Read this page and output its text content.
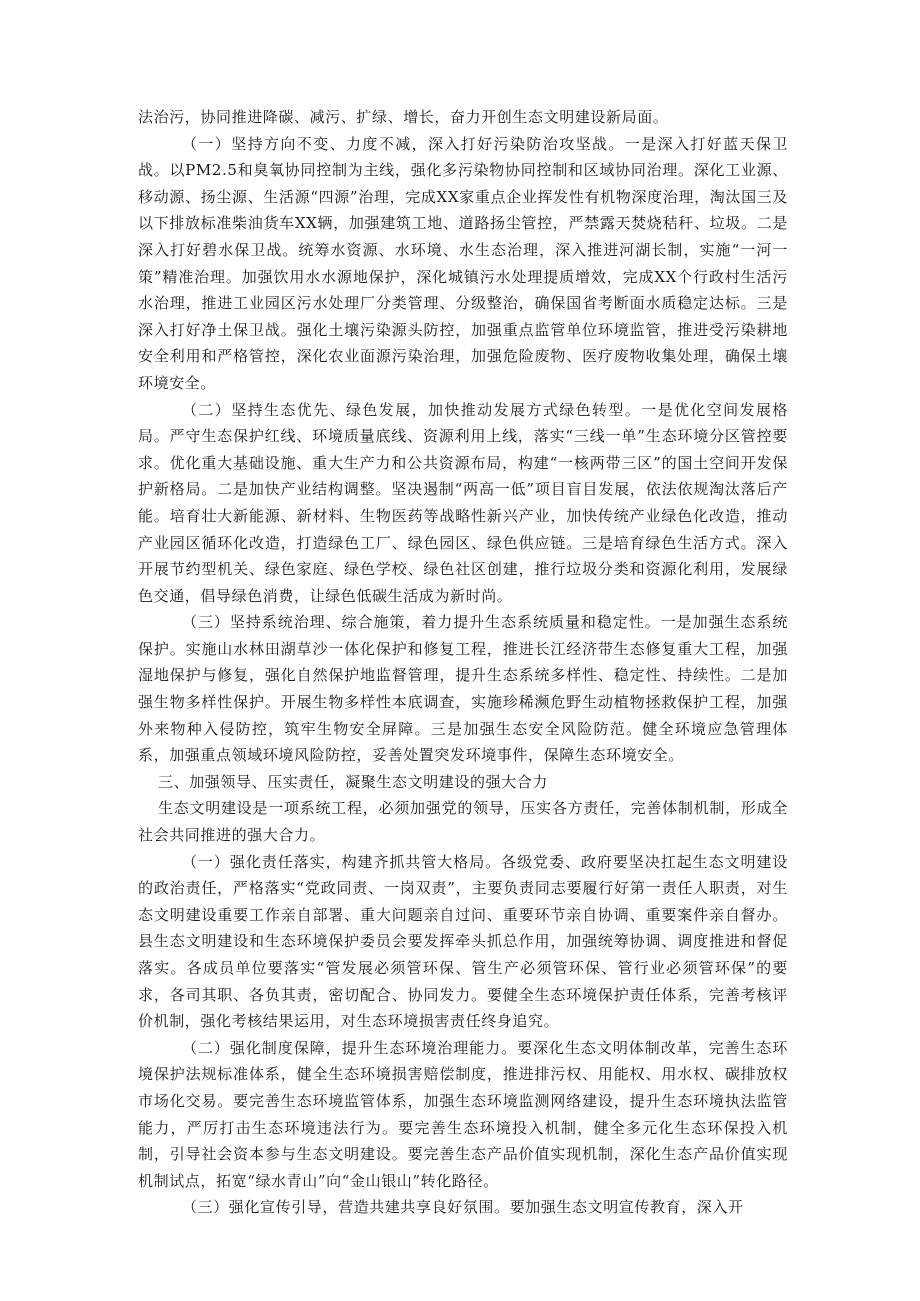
法治污，协同推进降碳、减污、扩绿、增长，奋力开创生态文明建设新局面。

（一）坚持方向不变、力度不减，深入打好污染防治攻坚战。一是深入打好蓝天保卫战。以PM2.5和臭氧协同控制为主线，强化多污染物协同控制和区域协同治理。深化工业源、移动源、扬尘源、生活源“四源”治理，完成XX家重点企业挥发性有机物深度治理，淘汰国三及以下排放标准柴油货车XX辆，加强建筑工地、道路扬尘管控，严禁露天焚烧秸秆、垃圾。二是深入打好碧水保卫战。统筹水资源、水环境、水生态治理，深入推进河湖长制，实施“一河一策”精准治理。加强饮用水水源地保护，深化城镇污水处理提质增效，完成XX个行政村生活污水治理，推进工业园区污水处理厂分类管理、分级整治，确保国省考断面水质稳定达标。三是深入打好净土保卫战。强化土壤污染源头防控，加强重点监管单位环境监管，推进受污染耕地安全利用和严格管控，深化农业面源污染治理，加强危险废物、医疗废物收集处理，确保土壤环境安全。

（二）坚持生态优先、绿色发展，加快推动发展方式绿色转型。一是优化空间发展格局。严守生态保护红线、环境质量底线、资源利用上线，落实“三线一单”生态环境分区管控要求。优化重大基础设施、重大生产力和公共资源布局，构建“一核两带三区”的国土空间开发保护新格局。二是加快产业结构调整。坚决遏制“两高一低”项目盲目发展，依法依规淘汰落后产能。培育壮大新能源、新材料、生物医药等战略性新兴产业，加快传统产业绿色化改造，推动产业园区循环化改造，打造绿色工厂、绿色园区、绿色供应链。三是培育绿色生活方式。深入开展节约型机关、绿色家庭、绿色学校、绿色社区创建，推行垃圾分类和资源化利用，发展绿色交通，倡导绿色消费，让绿色低碳生活成为新时尚。

（三）坚持系统治理、综合施策，着力提升生态系统质量和稳定性。一是加强生态系统保护。实施山水林田湖草沙一体化保护和修复工程，推进长江经济带生态修复重大工程，加强湿地保护与修复，强化自然保护地监督管理，提升生态系统多样性、稳定性、持续性。二是加强生物多样性保护。开展生物多样性本底调查，实施珍稀濒危野生动植物拯救保护工程，加强外来物种入侵防控，筑牢生物安全屏障。三是加强生态安全风险防范。健全环境应急管理体系，加强重点领域环境风险防控，妥善处置突发环境事件，保障生态环境安全。

三、加强领导、压实责任，凝聚生态文明建设的强大合力

生态文明建设是一项系统工程，必须加强党的领导，压实各方责任，完善体制机制，形成全社会共同推进的强大合力。

（一）强化责任落实，构建齐抓共管大格局。各级党委、政府要坚决扛起生态文明建设的政治责任，严格落实“党政同责、一岗双责”，主要负责同志要履行好第一责任人职责，对生态文明建设重要工作亲自部署、重大问题亲自过问、重要环节亲自协调、重要案件亲自督办。县生态文明建设和生态环境保护委员会要发挥牵头抓总作用，加强统筹协调、调度推进和督促落实。各成员单位要落实“管发展必须管环保、管生产必须管环保、管行业必须管环保”的要求，各司其职、各负其责，密切配合、协同发力。要健全生态环境保护责任体系，完善考核评价机制，强化考核结果运用，对生态环境损害责任终身追究。

（二）强化制度保障，提升生态环境治理能力。要深化生态文明体制改革，完善生态环境保护法规标准体系，健全生态环境损害赔偿制度，推进排污权、用能权、用水权、碳排放权市场化交易。要完善生态环境监管体系，加强生态环境监测网络建设，提升生态环境执法监管能力，严厉打击生态环境违法行为。要完善生态环境投入机制，健全多元化生态环保投入机制，引导社会资本参与生态文明建设。要完善生态产品价值实现机制，深化生态产品价值实现机制试点，拓宽“绿水青山”向“金山银山”转化路径。

（三）强化宣传引导，营造共建共享良好氛围。要加强生态文明宣传教育，深入开
